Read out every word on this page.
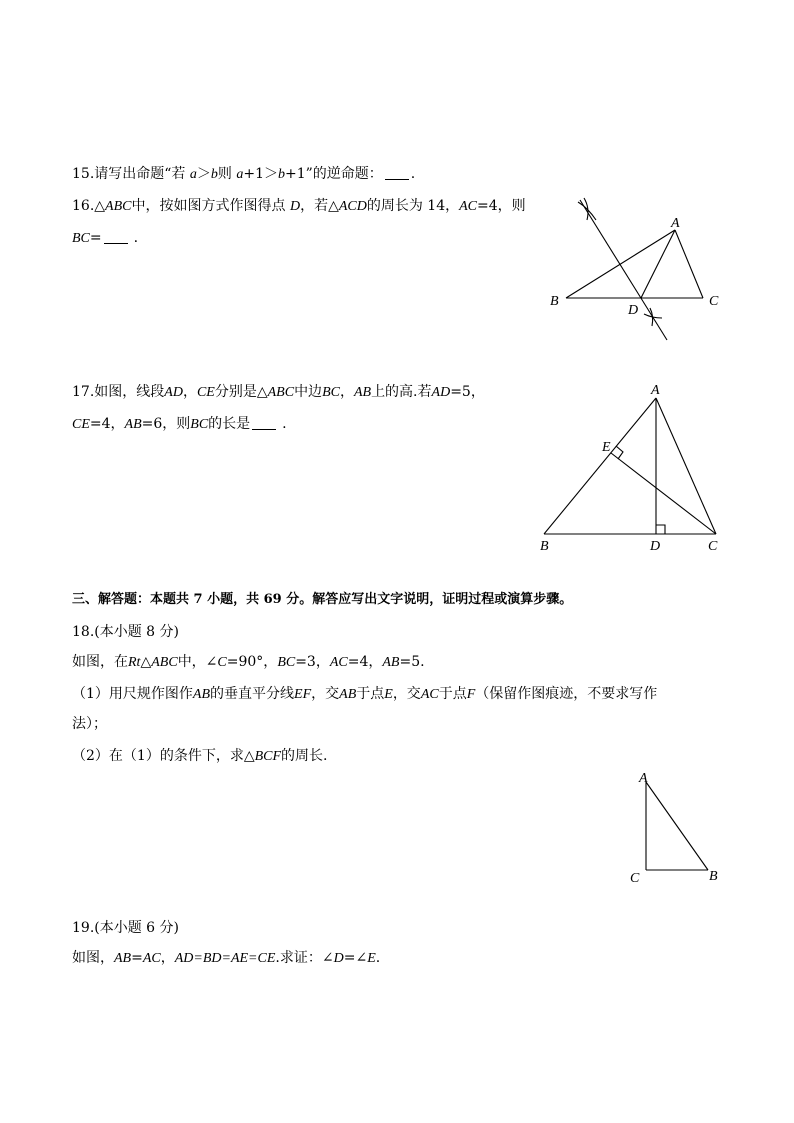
15.请写出命题“若 a＞b则 a+1＞b+1”的逆命题： .
16.△ABC中，按如图方式作图得点 D，若△ACD的周长为 14，AC=4，则
BC= .
A
B	C
D
17.如图，线段AD，CE分别是△ABC中边BC，AB上的高.若AD=5，
CE=4，AB=6，则BC的长是 .
A
B	C
D
E
三、解答题：本题共 7 小题，共 69 分。解答应写出文字说明，证明过程或演算步骤。
18.(本小题 8 分)
如图，在Rt△ABC中，∠C=90°，BC=3，AC=4，AB=5.
（1）用尺规作图作AB的垂直平分线EF，交AB于点E，交AC于点F（保留作图痕迹，不要求写作
法）；
（2）在（1）的条件下，求△BCF的周长.
A
C	B
19.(本小题 6 分)
如图，AB=AC，AD=BD=AE=CE.求证：∠D=∠E.
